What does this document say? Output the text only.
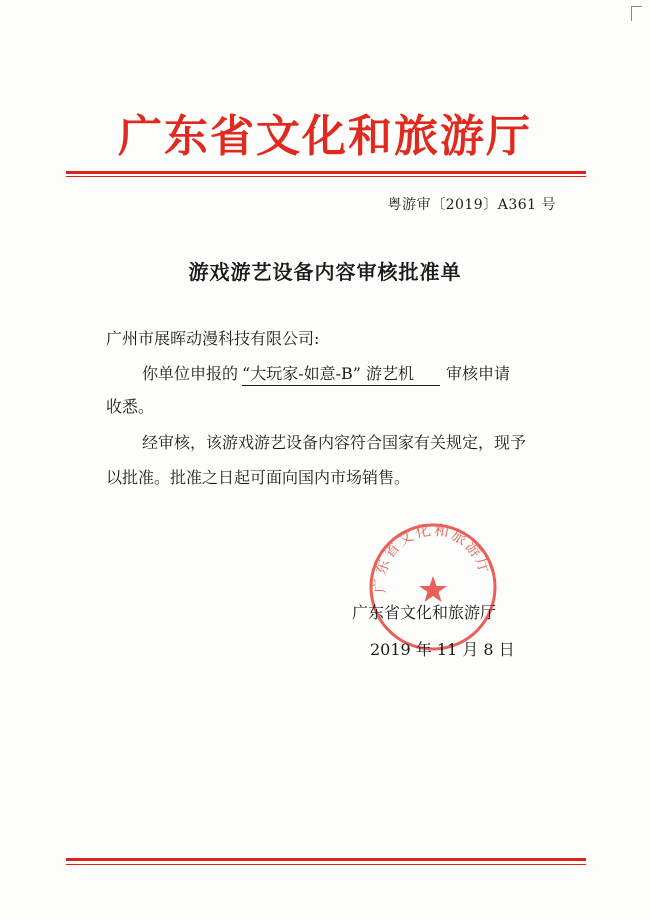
广东省文化和旅游厅
粤游审〔2019〕A361 号
游戏游艺设备内容审核批准单
广州市展晖动漫科技有限公司:
你单位申报的 “大玩家-如意-B” 游艺机 审核申请
收悉。
经审核，该游戏游艺设备内容符合国家有关规定，现予
以批准。批准之日起可面向国内市场销售。
广东省文化和旅游厅
广东省文化和旅游厅
2019 年 11 月 8 日
